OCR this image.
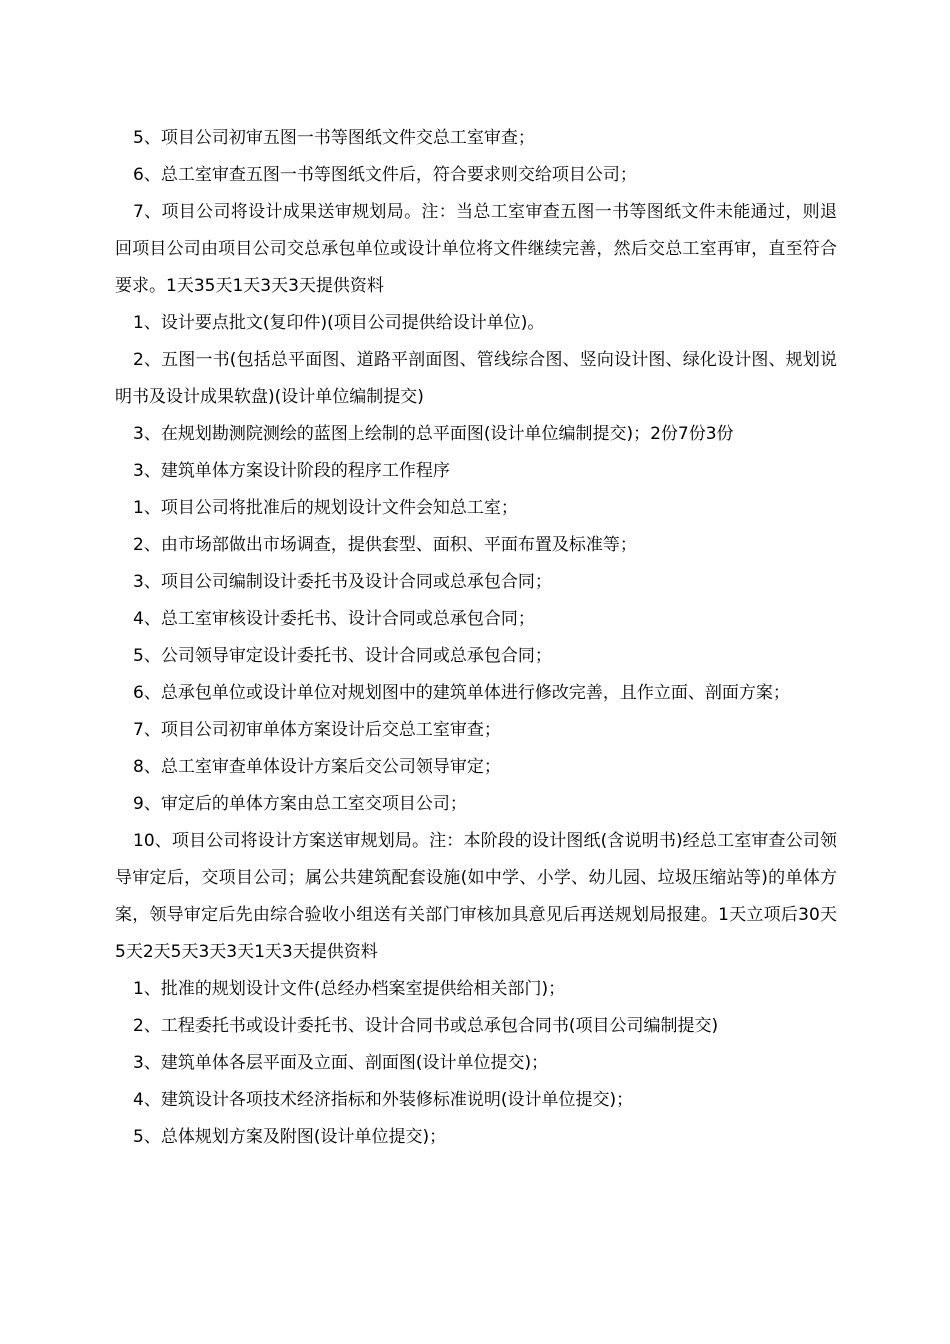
5、项目公司初审五图一书等图纸文件交总工室审查；

6、总工室审查五图一书等图纸文件后，符合要求则交给项目公司；

7、项目公司将设计成果送审规划局。注：当总工室审查五图一书等图纸文件未能通过，则退回项目公司由项目公司交总承包单位或设计单位将文件继续完善，然后交总工室再审，直至符合要求。1天35天1天3天3天提供资料

1、设计要点批文(复印件)(项目公司提供给设计单位)。

2、五图一书(包括总平面图、道路平剖面图、管线综合图、竖向设计图、绿化设计图、规划说明书及设计成果软盘)(设计单位编制提交)

3、在规划勘测院测绘的蓝图上绘制的总平面图(设计单位编制提交)；2份7份3份

3、建筑单体方案设计阶段的程序工作程序

1、项目公司将批准后的规划设计文件会知总工室；

2、由市场部做出市场调查，提供套型、面积、平面布置及标准等；

3、项目公司编制设计委托书及设计合同或总承包合同；

4、总工室审核设计委托书、设计合同或总承包合同；

5、公司领导审定设计委托书、设计合同或总承包合同；

6、总承包单位或设计单位对规划图中的建筑单体进行修改完善，且作立面、剖面方案；

7、项目公司初审单体方案设计后交总工室审查；

8、总工室审查单体设计方案后交公司领导审定；

9、审定后的单体方案由总工室交项目公司；

10、项目公司将设计方案送审规划局。注：本阶段的设计图纸(含说明书)经总工室审查公司领导审定后，交项目公司；属公共建筑配套设施(如中学、小学、幼儿园、垃圾压缩站等)的单体方案，领导审定后先由综合验收小组送有关部门审核加具意见后再送规划局报建。1天立项后30天5天2天5天3天3天1天3天提供资料

1、批准的规划设计文件(总经办档案室提供给相关部门)；

2、工程委托书或设计委托书、设计合同书或总承包合同书(项目公司编制提交)

3、建筑单体各层平面及立面、剖面图(设计单位提交)；

4、建筑设计各项技术经济指标和外装修标准说明(设计单位提交)；

5、总体规划方案及附图(设计单位提交)；
